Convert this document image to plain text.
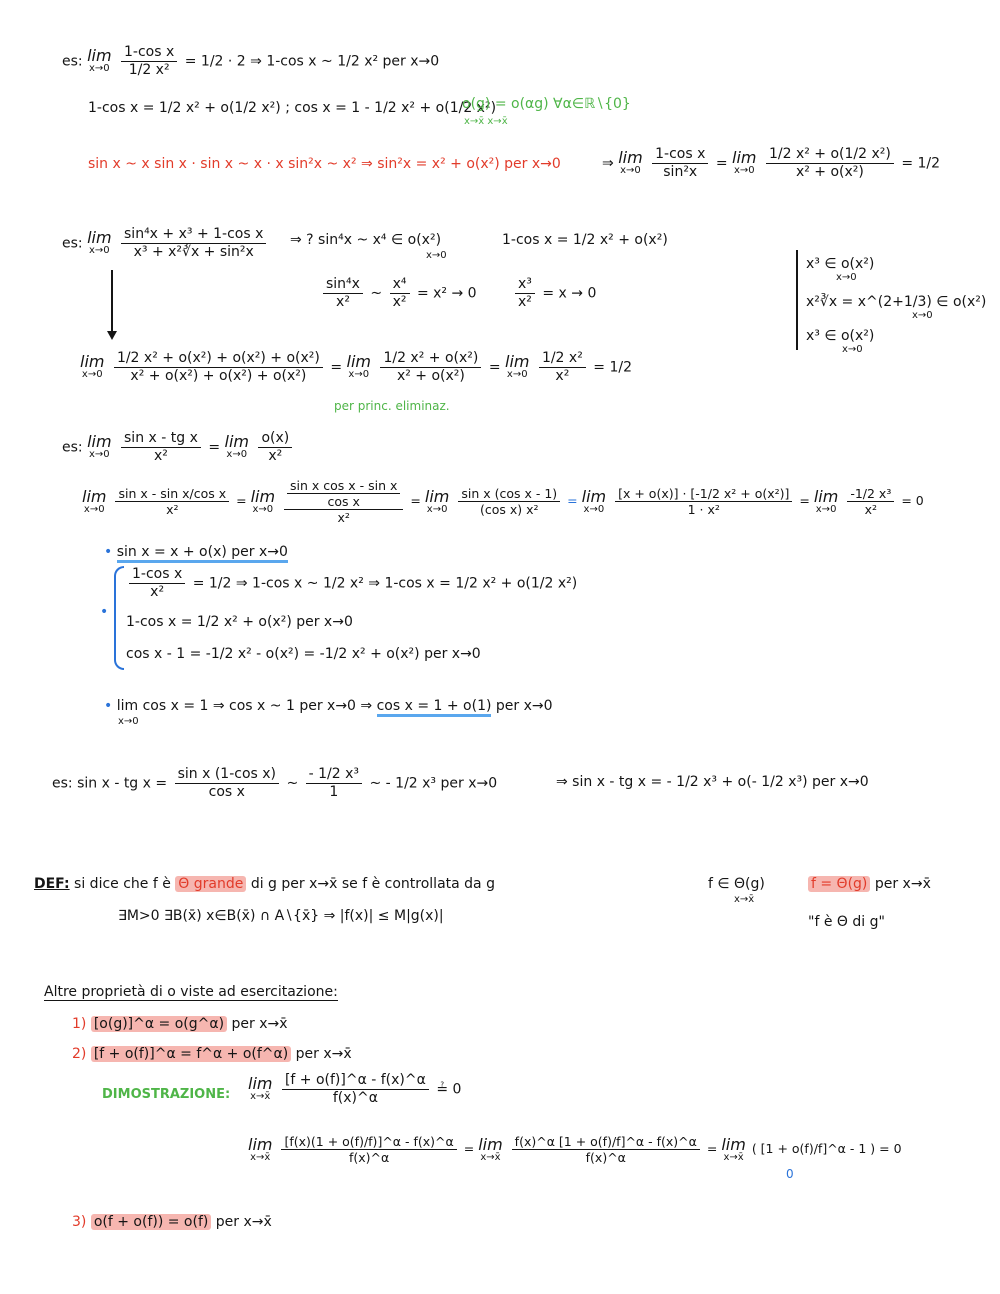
es: lim
x→0
$\frac{\text{1-cos x}}{\text{1/2 x²}} = 1/2 \cdot 2$ ⇒ 1-cos x ~ 1/2 x² per x→0
1-cos x = 1/2 x² + o(1/2 x²) ; cos x = 1 - 1/2 x² + o(1/2 x²)
o(g) = o(αg) ∀α∈ℝ∖{0}
x→x̄ x→x̄
sin x ~ x sin x · sin x ~ x · x sin²x ~ x² ⇒ sin²x = x² + o(x²) per x→0	⇒ lim
x→0
$\frac{\text{1-cos x}}{\text{sin²x}} = \lim$
x→0
$\frac{\text{1/2 x² + o(1/2 x²)}}{\text{x² + o(x²)}} = 1/2$
es: lim
x→0
$\frac{\text{sin⁴x + x³ + 1-cos x}}{\text{x³ + x²∛x + sin²x}}$ ⇒ ? sin⁴x ~ x⁴ ∈ o(x²)
x→0
1-cos x = 1/2 x² + o(x²)
$\frac{\text{sin⁴x}}{\text{x²}}$ ~ $\frac{\text{x⁴}}{\text{x²}} = x^2 \to 0$	$\frac{\text{x³}}{\text{x²}} = x \to 0$
x³ ∈ o(x²)
x→0
x²∛x = x^(2+1/3) ∈ o(x²)
x→0
x³ ∈ o(x²)
x→0
lim
x→0
$\frac{\text{1/2 x² + o(x²) + o(x²) + o(x²)}}{\text{x² + o(x²) + o(x²) + o(x²)}} = \lim$
x→0
$\frac{\text{1/2 x² + o(x²)}}{\text{x² + o(x²)}} = \lim$
x→0
$\frac{\text{1/2 x²}}{\text{x²}} = 1/2$
per princ. eliminaz.
es: lim
x→0
$\frac{\text{sin x - tg x}}{\text{x²}} = \lim$
x→0
$\frac{o(x)}{\text{x²}}$
lim
x→0
$\frac{\text{sin x - sin x/cos x}}{\text{x²}} = \lim$
x→0
$\frac{\frac{\text{sin x cos x - sin x}}{\text{cos x}}}{\text{x²}} = \lim$
x→0
$\frac{\text{sin x (cos x - 1)}}{\text{(cos x) x²}} = \lim$
x→0
$\frac{\text{[x + o(x)] · [-1/2 x² + o(x²)]}}{\text{1 · x²}} = \lim$
x→0
$\frac{\text{-1/2 x³}}{\text{x²}} = 0$
• sin x = x + o(x) per x→0
•
$\frac{\text{1-cos x}}{\text{x²}} = 1/2$ ⇒ 1-cos x ~ 1/2 x² ⇒ 1-cos x = 1/2 x² + o(1/2 x²)
1-cos x = 1/2 x² + o(x²) per x→0
cos x - 1 = -1/2 x² - o(x²) = -1/2 x² + o(x²) per x→0
• lim cos x = 1 ⇒ cos x ~ 1 per x→0 ⇒ cos x = 1 + o(1) per x→0
x→0
es: sin x - tg $x = \frac{\text{sin x (1-cos x)}}{\text{cos x}}$ ~ $\frac{\text{- 1/2 x³}}{1}$ ~ - 1/2 x³ per x→0	⇒ sin x - tg x = - 1/2 x³ + o(- 1/2 x³) per x→0
DEF: si dice che f è Θ grande di g per x→x̄ se f è controllata da g	f ∈ Θ(g)
x→x̄
f = Θ(g) per x→x̄
"f è Θ di g"
∃M>0 ∃B(x̄) x∈B(x̄) ∩ A∖{x̄} ⇒ |f(x)| ≤ M|g(x)|
Altre proprietà di o viste ad esercitazione:
1) [o(g)]^α = o(g^α) per x→x̄
2) [f + o(f)]^α = f^α + o(f^α) per x→x̄
DIMOSTRAZIONE:
lim
x→x̄
$\frac{[f + o(f)]\^{}\alpha - f(x)\^{}\alpha}{f(x)\^{}\alpha}$ ≟ 0
lim
x→x̄
$\frac{[f(x)(1 + o(f)/f)]\^{}\alpha - f(x)\^{}\alpha}{f(x)\^{}\alpha} = \lim$
x→x̄
$\frac{f(x)\^{}\alpha [1 + o(f)/f]\^{}\alpha - f(x)\^{}\alpha}{f(x)\^{}\alpha} = \lim$
x→x̄
( [1 + o(f)/f]^α - 1 ) = 0
0
3) o(f + o(f)) = o(f) per x→x̄
